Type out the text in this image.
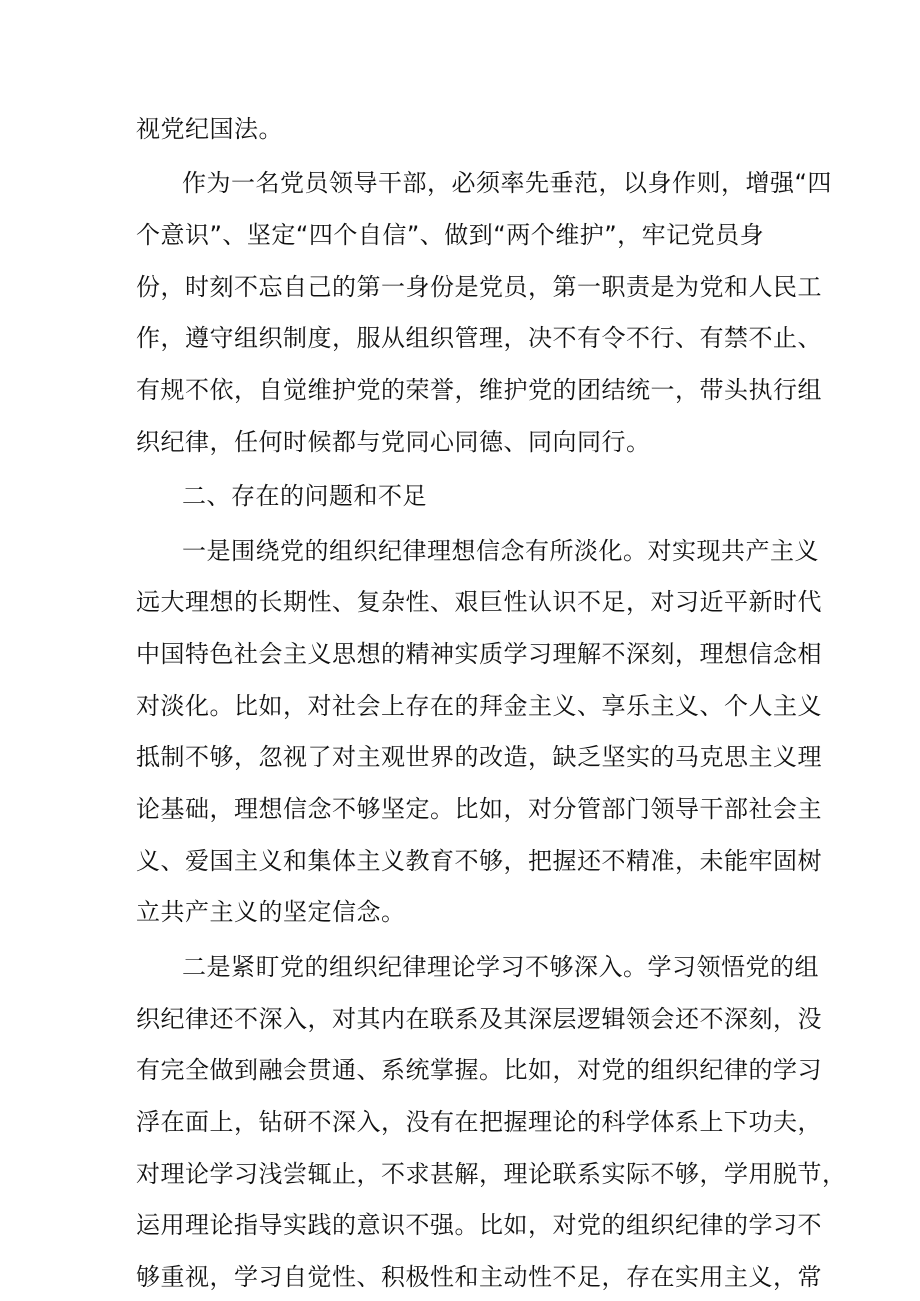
视党纪国法。
作为一名党员领导干部，必须率先垂范，以身作则，增强“四
个意识”、坚定“四个自信”、做到“两个维护”，牢记党员身
份，时刻不忘自己的第一身份是党员，第一职责是为党和人民工
作，遵守组织制度，服从组织管理，决不有令不行、有禁不止、
有规不依，自觉维护党的荣誉，维护党的团结统一，带头执行组
织纪律，任何时候都与党同心同德、同向同行。
二、存在的问题和不足
一是围绕党的组织纪律理想信念有所淡化。对实现共产主义
远大理想的长期性、复杂性、艰巨性认识不足，对习近平新时代
中国特色社会主义思想的精神实质学习理解不深刻，理想信念相
对淡化。比如，对社会上存在的拜金主义、享乐主义、个人主义
抵制不够，忽视了对主观世界的改造，缺乏坚实的马克思主义理
论基础，理想信念不够坚定。比如，对分管部门领导干部社会主
义、爱国主义和集体主义教育不够，把握还不精准，未能牢固树
立共产主义的坚定信念。
二是紧盯党的组织纪律理论学习不够深入。学习领悟党的组
织纪律还不深入，对其内在联系及其深层逻辑领会还不深刻，没
有完全做到融会贯通、系统掌握。比如，对党的组织纪律的学习
浮在面上，钻研不深入，没有在把握理论的科学体系上下功夫，
对理论学习浅尝辄止，不求甚解，理论联系实际不够，学用脱节，
运用理论指导实践的意识不强。比如，对党的组织纪律的学习不
够重视，学习自觉性、积极性和主动性不足，存在实用主义，常
